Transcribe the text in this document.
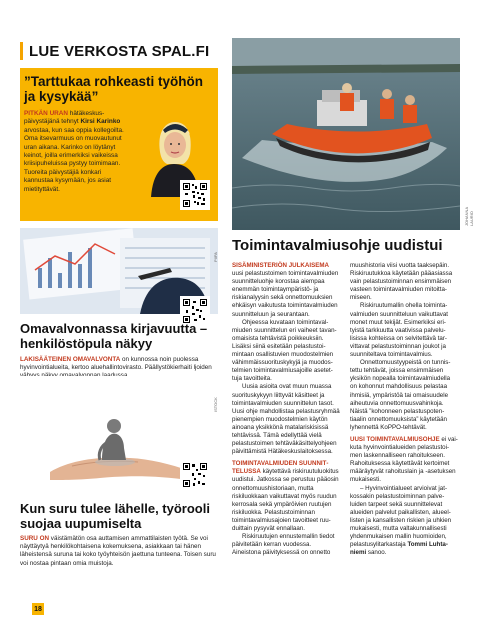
LUE VERKOSTA SPAL.FI
”Tarttukaa rohkeasti työhön ja kysykää”
PITKÄN URAN hätäkeskuspäivystäjänä tehnyt Kirsi Karinko arvostaa, kun saa oppia kollegoilta. Oma itsevarmuus on muovautunut uran aikana. Karinko on löytänyt keinot, joilla erimerkiksi vaikeissa kriisipuheluissa pystyy toimimaan. Tuoreita päivystäjiä konkari kannustaa kysymään, jos asiat mietityttävät.
PIIPA
Omavalvonnassa kirjavuutta – henkilöstöpula näkyy
LAKISÄÄTEINEN OMAVALVONTA on kunnossa noin puolessa hyvinvointialueita, kertoo aluehallintovirasto. Päällystökierhaiti ljoiden
ISTOCK
Kun suru tulee lähelle, työrooli suojaa uupumiselta
SURU ON väistämätön osa auttamisen ammattilaisten työtä. Se voi näyttäytyä henkilökohtaisena kokemuksena, asiakkaan tai hänen läheistensä suruna tai koko työyhteisön jaettuna tunteena. Toisen suru voi nostaa pintaan omia muistoja.
18
JOHANNA LAURIO
Toimintavalmiusohje uudistui

SISÄMINISTERIÖN JULKAISEMA uusi pelastustoimen toimintavalmiuden suunnitteluohje korostaa aiempaa enemmän toimintaympäristö- ja riskianalyysin sekä onnettomuuksien ehkäisyn vaikutusta toimintavalmiuden suunnitteluun ja seurantaan.

Ohjeessa kuvataan toimintavalmiuden suunnittelun eri vaiheet tavanomaisista tehtävistä poikkeuksiin. Lisäksi siinä esitetään pelastustoimintaan osallistuvien muodostelmien vähimmäissuorituskykyjä ja muodostelmien toimintavalmiusajoille asetettuja tavoitteita.

Uusia asioita ovat muun muassa suorituskykyyn liittyvät käsitteet ja toimintavalmiuden suunnittelun tasot. Uusi ohje mahdollistaa pelastusryhmää pienempien muodostelmien käytön ainoana yksikkönä matalariskisissä tehtävissä. Tämä edellyttää vielä pelastustoimen tehtäväkäsittelyohjeen päivittämistä Hätäkeskuslaitoksessa.

TOIMINTAVALMIUDEN SUUNNITTELUSSA käytettävä riskiruutuluokitus uudistui. Jatkossa se perustuu pääosin onnettomuushistoriaan, mutta riskiluokkaan vaikuttavat myös ruudun kerrosala sekä ympäröivien ruutujen riskiluokka. Pelastustoiminnan toimintavalmiusajoien tavoitteet ruuduittain pysyvät ennallaan.

Riskiruutujen ennustemallin tiedot päivitetään kerran vuodessa. Aineistona päivityksessä on onnetto

muushistoria viisi vuotta taaksepäin. Riskiruutukkoa käytetään pääasiassa vain pelastustoiminnan ensimmäisen vasteen toimintavalmiuden mitoittamiseen.

Riskiruutumallin ohella toimintavalmiuden suunnitteluun vaikuttavat monet muut tekijät. Esimerkiksi erityistä tarkkuutta vaativissa palvelulisissa kohteissa on selvitettävä tarvittavat pelastustoiminnan joukot ja suunniteltava toimintavalmius.

Onnettomuustyypeistä on tunnistettu tehtävät, joissa ensimmäisen yksikön nopealla toimintavalmiudella on kohonnut mahdollisuus pelastaa ihmisiä, ympäristöä tai omaisuudele aiheutuvia onnettomuusvahinkoja. Näistä ”kohonneen pelastuspotentiaalin onnettomuuksista” käytetään lyhennettä KoPPO-tehtävät.

UUSI TOIMINTAVALMIUSOHJE ei vaikuta hyvinvointialueiden pelastustoimen laskennalliseen rahoitukseen. Rahoituksessa käytettävät kertoimet määräytyvät rahoituslain ja -asetuksen mukaisesti.

– Hyvinvointialueet arvioivat jatkossakin pelastustoiminnan palveluiden tarpeet sekä suunnittelevat alueiden palvelut paikallisten, alueellisten ja kansallisten riskien ja uhkien mukaisesti, mutta valtakunnallisesti yhdenmukaisen mallin huomioiden, pelastusylitarkastaja Tommi Luhtaniemi sanoo.
